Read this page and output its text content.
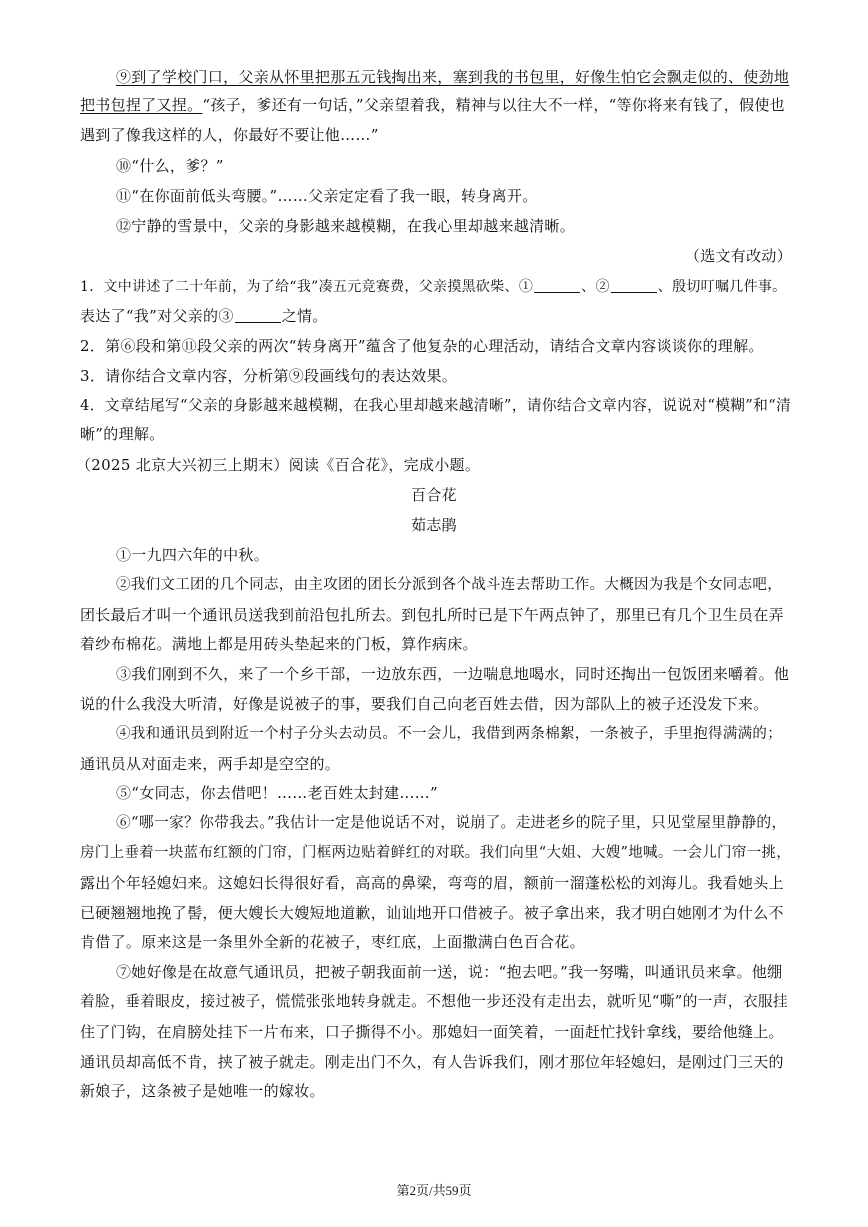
⑨到了学校门口，父亲从怀里把那五元钱掏出来，塞到我的书包里，好像生怕它会飘走似的、使劲地
把书包捏了又捏。“孩子，爹还有一句话，”父亲望着我，精神与以往大不一样，“等你将来有钱了，假使也
遇到了像我这样的人，你最好不要让他……”
⑩“什么，爹？”
⑪“在你面前低头弯腰。”……父亲定定看了我一眼，转身离开。
⑫宁静的雪景中，父亲的身影越来越模糊，在我心里却越来越清晰。
（选文有改动）
1．文中讲述了二十年前，为了给“我”凑五元竞赛费，父亲摸黑砍柴、①	、②	、殷切叮嘱几件事。
表达了“我”对父亲的③	之情。
2．第⑥段和第⑪段父亲的两次“转身离开”蕴含了他复杂的心理活动，请结合文章内容谈谈你的理解。
3．请你结合文章内容，分析第⑨段画线句的表达效果。
4．文章结尾写“父亲的身影越来越模糊，在我心里却越来越清晰”，请你结合文章内容，说说对“模糊”和“清
晰”的理解。
（2025 北京大兴初三上期末）阅读《百合花》，完成小题。
百合花
茹志鹃
①一九四六年的中秋。
②我们文工团的几个同志，由主攻团的团长分派到各个战斗连去帮助工作。大概因为我是个女同志吧，
团长最后才叫一个通讯员送我到前沿包扎所去。到包扎所时已是下午两点钟了，那里已有几个卫生员在弄
着纱布棉花。满地上都是用砖头垫起来的门板，算作病床。
③我们刚到不久，来了一个乡干部，一边放东西，一边喘息地喝水，同时还掏出一包饭团来嚼着。他
说的什么我没大听清，好像是说被子的事，要我们自己向老百姓去借，因为部队上的被子还没发下来。
④我和通讯员到附近一个村子分头去动员。不一会儿，我借到两条棉絮，一条被子，手里抱得满满的；
通讯员从对面走来，两手却是空空的。
⑤“女同志，你去借吧！……老百姓太封建……”
⑥“哪一家？你带我去。”我估计一定是他说话不对，说崩了。走进老乡的院子里，只见堂屋里静静的，
房门上垂着一块蓝布红额的门帘，门框两边贴着鲜红的对联。我们向里“大姐、大嫂”地喊。一会儿门帘一挑，
露出个年轻媳妇来。这媳妇长得很好看，高高的鼻梁，弯弯的眉，额前一溜蓬松松的刘海儿。我看她头上
已硬翘翘地挽了髻，便大嫂长大嫂短地道歉，讪讪地开口借被子。被子拿出来，我才明白她刚才为什么不
肯借了。原来这是一条里外全新的花被子，枣红底，上面撒满白色百合花。
⑦她好像是在故意气通讯员，把被子朝我面前一送，说：“抱去吧。”我一努嘴，叫通讯员来拿。他绷
着脸，垂着眼皮，接过被子，慌慌张张地转身就走。不想他一步还没有走出去，就听见“嘶”的一声，衣服挂
住了门钩，在肩膀处挂下一片布来，口子撕得不小。那媳妇一面笑着，一面赶忙找针拿线，要给他缝上。
通讯员却高低不肯，挟了被子就走。刚走出门不久，有人告诉我们，刚才那位年轻媳妇，是刚过门三天的
新娘子，这条被子是她唯一的嫁妆。
第2页/共59页
